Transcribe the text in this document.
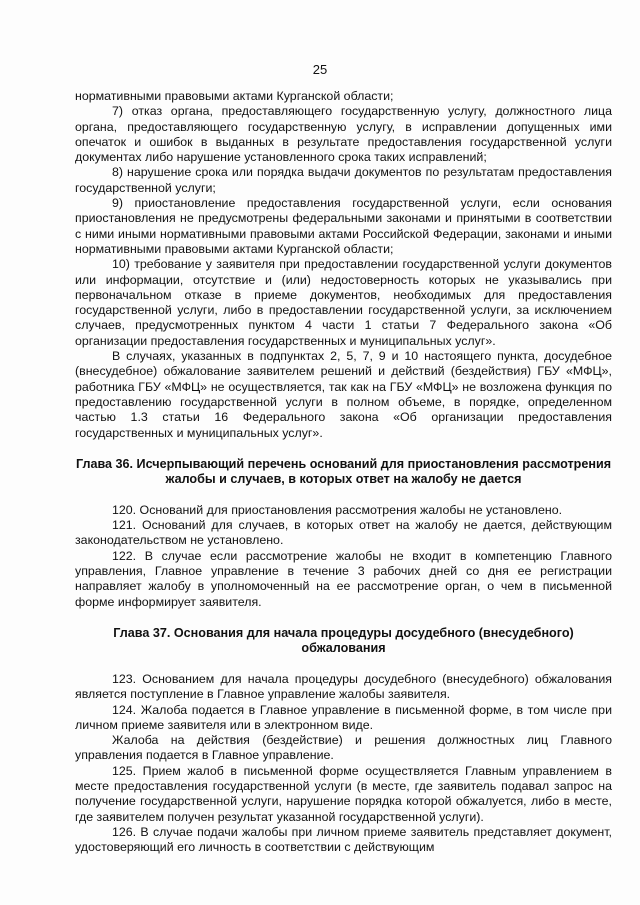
25

нормативными правовыми актами Курганской области;

7) отказ органа, предоставляющего государственную услугу, должностного лица органа, предоставляющего государственную услугу, в исправлении допущенных ими опечаток и ошибок в выданных в результате предоставления государственной услуги документах либо нарушение установленного срока таких исправлений;

8) нарушение срока или порядка выдачи документов по результатам предоставления государственной услуги;

9) приостановление предоставления государственной услуги, если основания приостановления не предусмотрены федеральными законами и принятыми в соответствии с ними иными нормативными правовыми актами Российской Федерации, законами и иными нормативными правовыми актами Курганской области;

10) требование у заявителя при предоставлении государственной услуги документов или информации, отсутствие и (или) недостоверность которых не указывались при первоначальном отказе в приеме документов, необходимых для предоставления государственной услуги, либо в предоставлении государственной услуги, за исключением случаев, предусмотренных пунктом 4 части 1 статьи 7 Федерального закона «Об организации предоставления государственных и муниципальных услуг».

В случаях, указанных в подпунктах 2, 5, 7, 9 и 10 настоящего пункта, досудебное (внесудебное) обжалование заявителем решений и действий (бездействия) ГБУ «МФЦ», работника ГБУ «МФЦ» не осуществляется, так как на ГБУ «МФЦ» не возложена функция по предоставлению государственной услуги в полном объеме, в порядке, определенном частью 1.3 статьи 16 Федерального закона «Об организации предоставления государственных и муниципальных услуг».

Глава 36. Исчерпывающий перечень оснований для приостановления рассмотрения жалобы и случаев, в которых ответ на жалобу не дается

120. Оснований для приостановления рассмотрения жалобы не установлено.

121. Оснований для случаев, в которых ответ на жалобу не дается, действующим законодательством не установлено.

122. В случае если рассмотрение жалобы не входит в компетенцию Главного управления, Главное управление в течение 3 рабочих дней со дня ее регистрации направляет жалобу в уполномоченный на ее рассмотрение орган, о чем в письменной форме информирует заявителя.

Глава 37. Основания для начала процедуры досудебного (внесудебного) обжалования

123. Основанием для начала процедуры досудебного (внесудебного) обжалования является поступление в Главное управление жалобы заявителя.

124. Жалоба подается в Главное управление в письменной форме, в том числе при личном приеме заявителя или в электронном виде.

Жалоба на действия (бездействие) и решения должностных лиц Главного управления подается в Главное управление.

125. Прием жалоб в письменной форме осуществляется Главным управлением в месте предоставления государственной услуги (в месте, где заявитель подавал запрос на получение государственной услуги, нарушение порядка которой обжалуется, либо в месте, где заявителем получен результат указанной государственной услуги).

126. В случае подачи жалобы при личном приеме заявитель представляет документ, удостоверяющий его личность в соответствии с действующим
